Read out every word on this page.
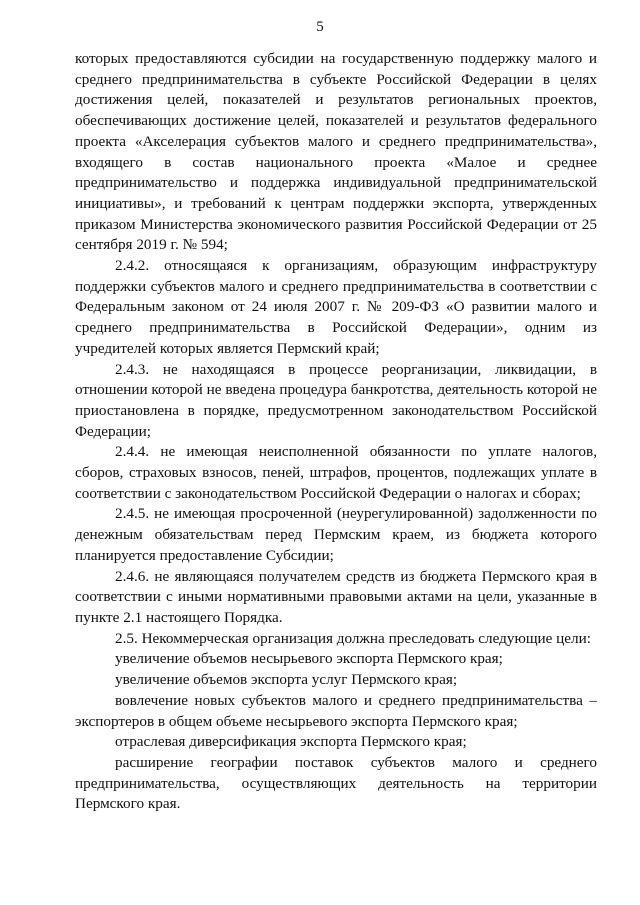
5

которых предоставляются субсидии на государственную поддержку малого и среднего предпринимательства в субъекте Российской Федерации в целях достижения целей, показателей и результатов региональных проектов, обеспечивающих достижение целей, показателей и результатов федерального проекта «Акселерация субъектов малого и среднего предпринимательства», входящего в состав национального проекта «Малое и среднее предпринимательство и поддержка индивидуальной предпринимательской инициативы», и требований к центрам поддержки экспорта, утвержденных приказом Министерства экономического развития Российской Федерации от 25 сентября 2019 г. № 594;

2.4.2. относящаяся к организациям, образующим инфраструктуру поддержки субъектов малого и среднего предпринимательства в соответствии с Федеральным законом от 24 июля 2007 г. № 209-ФЗ «О развитии малого и среднего предпринимательства в Российской Федерации», одним из учредителей которых является Пермский край;

2.4.3. не находящаяся в процессе реорганизации, ликвидации, в отношении которой не введена процедура банкротства, деятельность которой не приостановлена в порядке, предусмотренном законодательством Российской Федерации;

2.4.4. не имеющая неисполненной обязанности по уплате налогов, сборов, страховых взносов, пеней, штрафов, процентов, подлежащих уплате в соответствии с законодательством Российской Федерации о налогах и сборах;

2.4.5. не имеющая просроченной (неурегулированной) задолженности по денежным обязательствам перед Пермским краем, из бюджета которого планируется предоставление Субсидии;

2.4.6. не являющаяся получателем средств из бюджета Пермского края в соответствии с иными нормативными правовыми актами на цели, указанные в пункте 2.1 настоящего Порядка.

2.5. Некоммерческая организация должна преследовать следующие цели:

увеличение объемов несырьевого экспорта Пермского края;

увеличение объемов экспорта услуг Пермского края;

вовлечение новых субъектов малого и среднего предпринимательства – экспортеров в общем объеме несырьевого экспорта Пермского края;

отраслевая диверсификация экспорта Пермского края;

расширение географии поставок субъектов малого и среднего предпринимательства, осуществляющих деятельность на территории Пермского края.
